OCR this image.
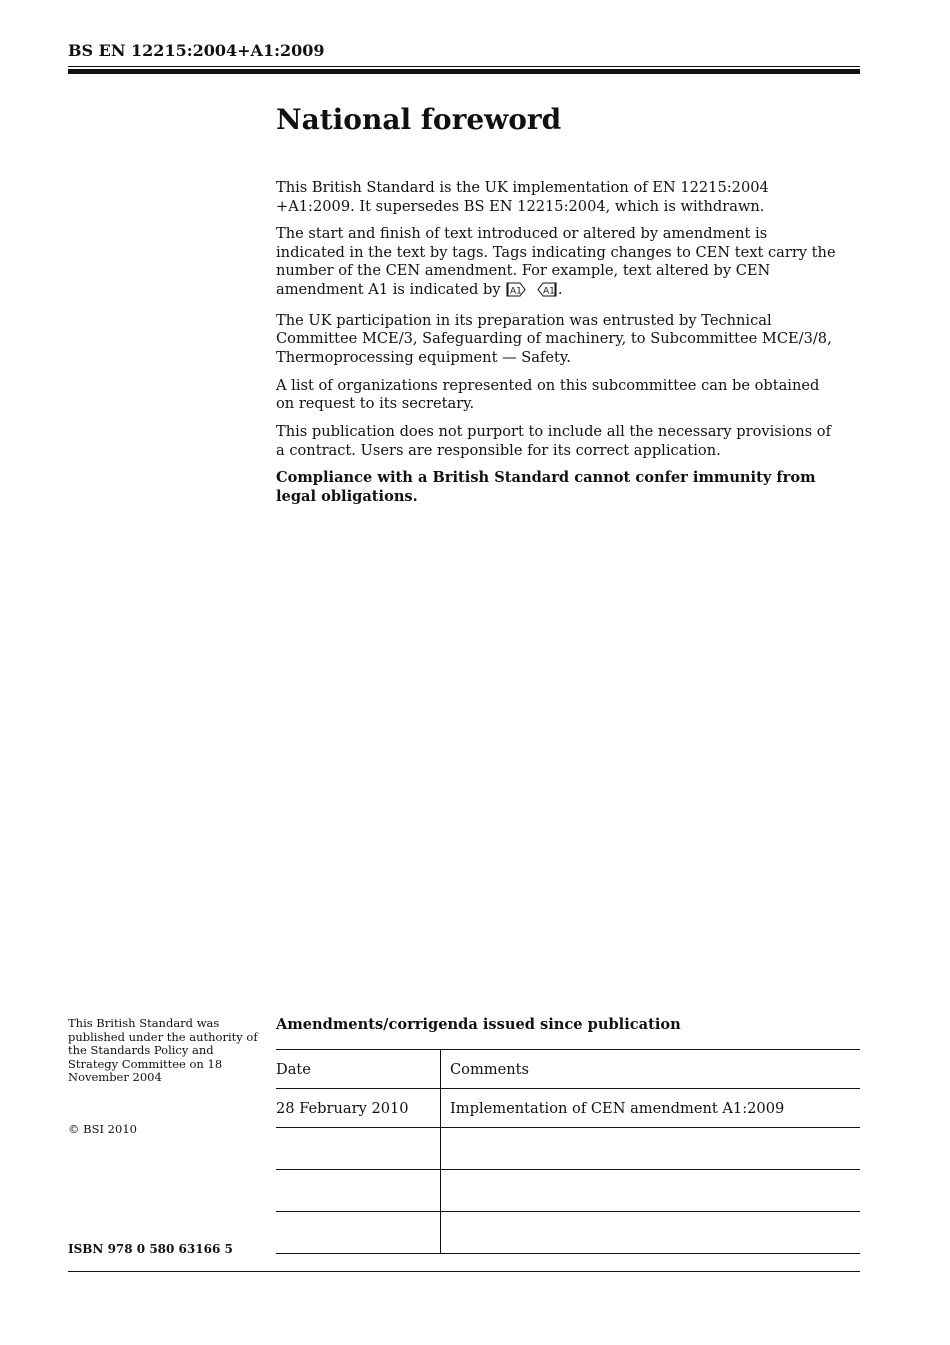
BS EN 12215:2004+A1:2009
National foreword

This British Standard is the UK implementation of EN 12215:2004 +A1:2009. It supersedes BS EN 12215:2004, which is withdrawn.

The start and finish of text introduced or altered by amendment is indicated in the text by tags. Tags indicating changes to CEN text carry the number of the CEN amendment. For example, text altered by CEN amendment A1 is indicated by A1
A1 .

The UK participation in its preparation was entrusted by Technical Committee MCE/3, Safeguarding of machinery, to Subcommittee MCE/3/8, Thermoprocessing equipment — Safety.

A list of organizations represented on this subcommittee can be obtained on request to its secretary.

This publication does not purport to include all the necessary provisions of a contract. Users are responsible for its correct application.

Compliance with a British Standard cannot confer immunity from legal obligations.

This British Standard was published under the authority of the Standards Policy and Strategy Committee on 18 November 2004
© BSI 2010
ISBN 978 0 580 63166 5
Amendments/corrigenda issued since publication
Date	Comments
28 February 2010	Implementation of CEN amendment A1:2009
